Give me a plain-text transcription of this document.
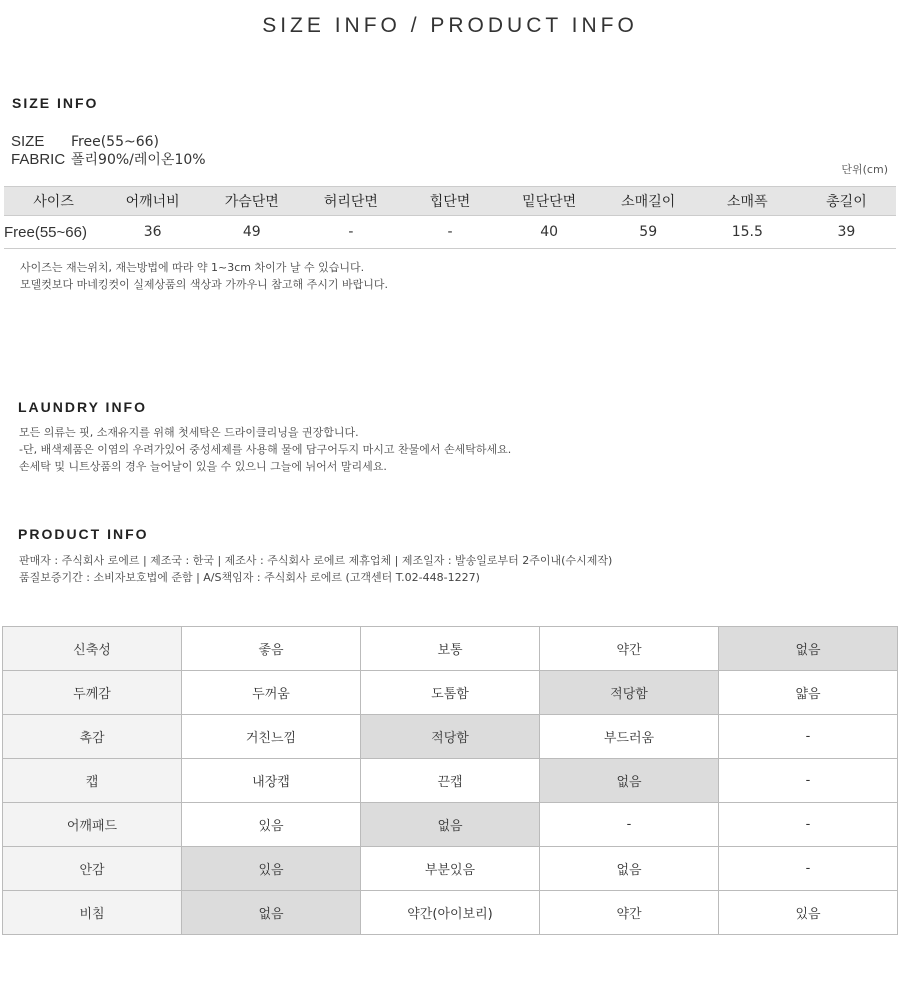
SIZE INFO / PRODUCT INFO
SIZE INFO
SIZE Free(55~66)
FABRIC 폴리90%/레이온10%
단위(cm)
사이즈	어깨너비	가슴단면	허리단면	힙단면	밑단단면	소매길이	소매폭	총길이
Free(55~66)	36	49	-	-	40	59	15.5	39
사이즈는 재는위치, 재는방법에 따라 약 1~3cm 차이가 날 수 있습니다.
모델컷보다 마네킹컷이 실제상품의 색상과 가까우니 참고해 주시기 바랍니다.
LAUNDRY INFO
모든 의류는 핏, 소재유지를 위해 첫세탁은 드라이클리닝을 권장합니다.
-단, 배색제품은 이염의 우려가있어 중성세제를 사용해 물에 담구어두지 마시고 찬물에서 손세탁하세요.
손세탁 및 니트상품의 경우 늘어날이 있을 수 있으니 그늘에 뉘어서 말리세요.
PRODUCT INFO
판매자 : 주식회사 로에르 | 제조국 : 한국 | 제조사 : 주식회사 로에르 제휴업체 | 제조일자 : 발송일로부터 2주이내(수시제작)
품질보증기간 : 소비자보호법에 준함 | A/S책임자 : 주식회사 로에르 (고객센터 T.02-448-1227)
신축성	좋음	보통	약간	없음
두께감	두꺼움	도톰함	적당함	얇음
촉감	거친느낌	적당함	부드러움	-
캡	내장캡	끈캡	없음	-
어깨패드	있음	없음	-	-
안감	있음	부분있음	없음	-
비침	없음	약간(아이보리)	약간	있음
